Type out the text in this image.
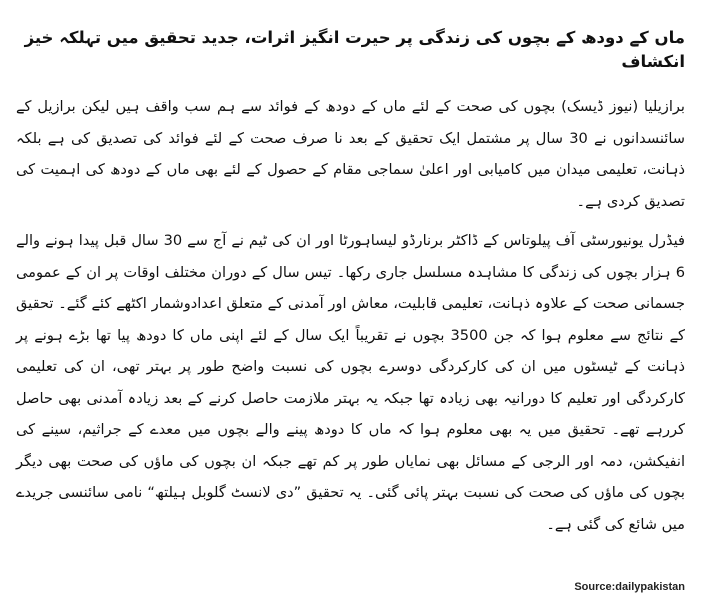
ماں کے دودھ کے بچوں کی زندگی پر حیرت انگیز اثرات، جدید تحقیق میں تہلکہ خیز انکشاف

برازیلیا (نیوز ڈیسک) بچوں کی صحت کے لئے ماں کے دودھ کے فوائد سے ہم سب واقف ہیں لیکن برازیل کے سائنسدانوں نے 30 سال پر مشتمل ایک تحقیق کے بعد نا صرف صحت کے لئے فوائد کی تصدیق کی ہے بلکہ ذہانت، تعلیمی میدان میں کامیابی اور اعلیٰ سماجی مقام کے حصول کے لئے بھی ماں کے دودھ کی اہمیت کی تصدیق کردی ہے۔

فیڈرل یونیورسٹی آف پیلوتاس کے ڈاکٹر برنارڈو لیساہورٹا اور ان کی ٹیم نے آج سے 30 سال قبل پیدا ہونے والے 6 ہزار بچوں کی زندگی کا مشاہدہ مسلسل جاری رکھا۔ تیس سال کے دوران مختلف اوقات پر ان کے عمومی جسمانی صحت کے علاوہ ذہانت، تعلیمی قابلیت، معاش اور آمدنی کے متعلق اعدادوشمار اکٹھے کئے گئے۔ تحقیق کے نتائج سے معلوم ہوا کہ جن 3500 بچوں نے تقریباً ایک سال کے لئے اپنی ماں کا دودھ پیا تھا بڑے ہونے پر ذہانت کے ٹیسٹوں میں ان کی کارکردگی دوسرے بچوں کی نسبت واضح طور پر بہتر تھی، ان کی تعلیمی کارکردگی اور تعلیم کا دورانیہ بھی زیادہ تھا جبکہ یہ بہتر ملازمت حاصل کرنے کے بعد زیادہ آمدنی بھی حاصل کررہے تھے۔ تحقیق میں یہ بھی معلوم ہوا کہ ماں کا دودھ پینے والے بچوں میں معدے کے جراثیم، سینے کی انفیکشن، دمہ اور الرجی کے مسائل بھی نمایاں طور پر کم تھے جبکہ ان بچوں کی ماؤں کی صحت بھی دیگر بچوں کی ماؤں کی صحت کی نسبت بہتر پائی گئی۔ یہ تحقیق ”دی لانسٹ گلوبل ہیلتھ“ نامی سائنسی جریدے میں شائع کی گئی ہے۔

Source:dailypakistan
